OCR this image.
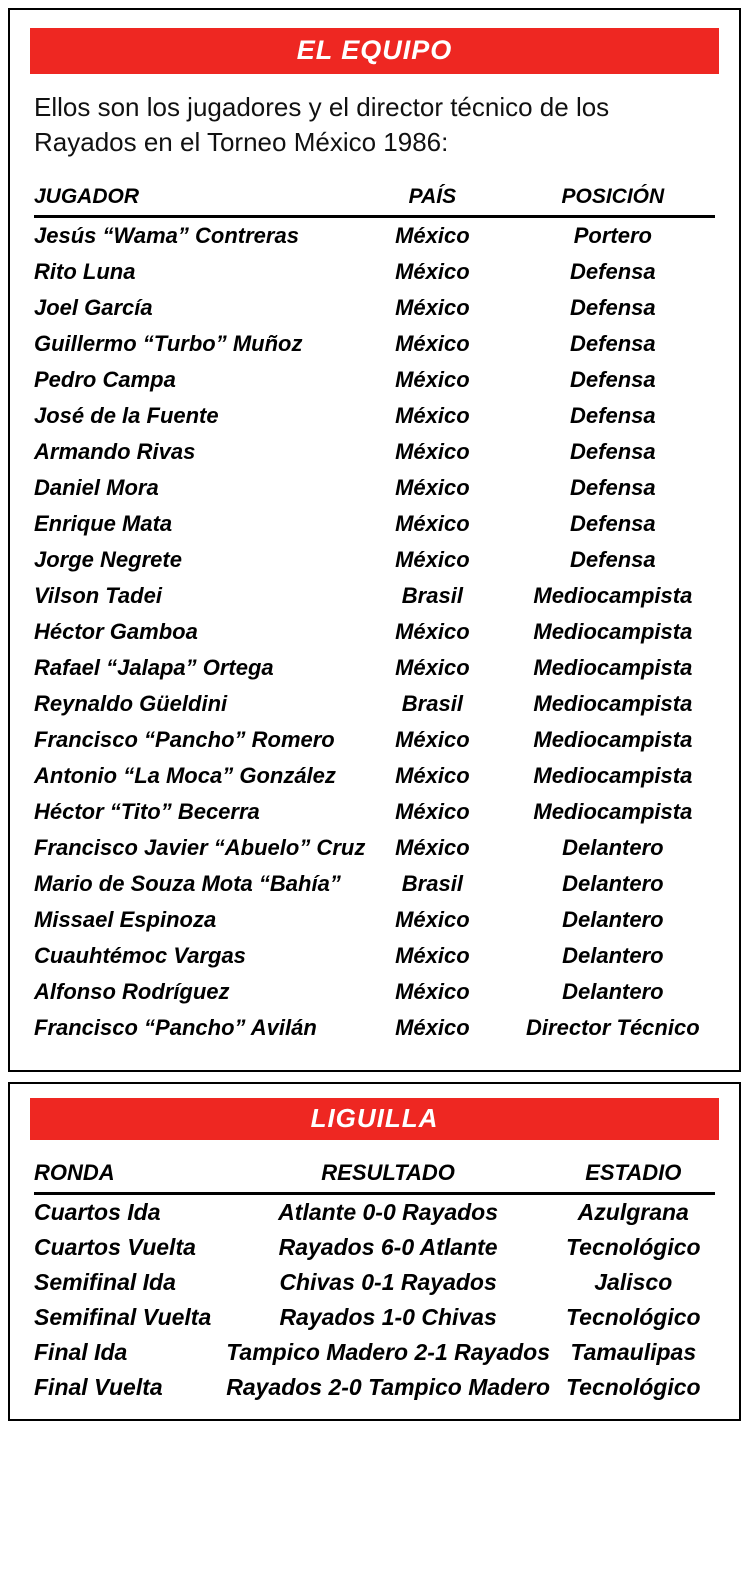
EL EQUIPO
Ellos son los jugadores y el director técnico de los Rayados en el Torneo México 1986:
JUGADOR	PAÍS	POSICIÓN
Jesús “Wama” Contreras	México	Portero
Rito Luna	México	Defensa
Joel García	México	Defensa
Guillermo “Turbo” Muñoz	México	Defensa
Pedro Campa	México	Defensa
José de la Fuente	México	Defensa
Armando Rivas	México	Defensa
Daniel Mora	México	Defensa
Enrique Mata	México	Defensa
Jorge Negrete	México	Defensa
Vilson Tadei	Brasil	Mediocampista
Héctor Gamboa	México	Mediocampista
Rafael “Jalapa” Ortega	México	Mediocampista
Reynaldo Güeldini	Brasil	Mediocampista
Francisco “Pancho” Romero	México	Mediocampista
Antonio “La Moca” González	México	Mediocampista
Héctor “Tito” Becerra	México	Mediocampista
Francisco Javier “Abuelo” Cruz	México	Delantero
Mario de Souza Mota “Bahía”	Brasil	Delantero
Missael Espinoza	México	Delantero
Cuauhtémoc Vargas	México	Delantero
Alfonso Rodríguez	México	Delantero
Francisco “Pancho” Avilán	México	Director Técnico
LIGUILLA
RONDA	RESULTADO	ESTADIO
Cuartos Ida	Atlante 0-0 Rayados	Azulgrana
Cuartos Vuelta	Rayados 6-0 Atlante	Tecnológico
Semifinal Ida	Chivas 0-1 Rayados	Jalisco
Semifinal Vuelta	Rayados 1-0 Chivas	Tecnológico
Final Ida	Tampico Madero 2-1 Rayados	Tamaulipas
Final Vuelta	Rayados 2-0 Tampico Madero	Tecnológico
